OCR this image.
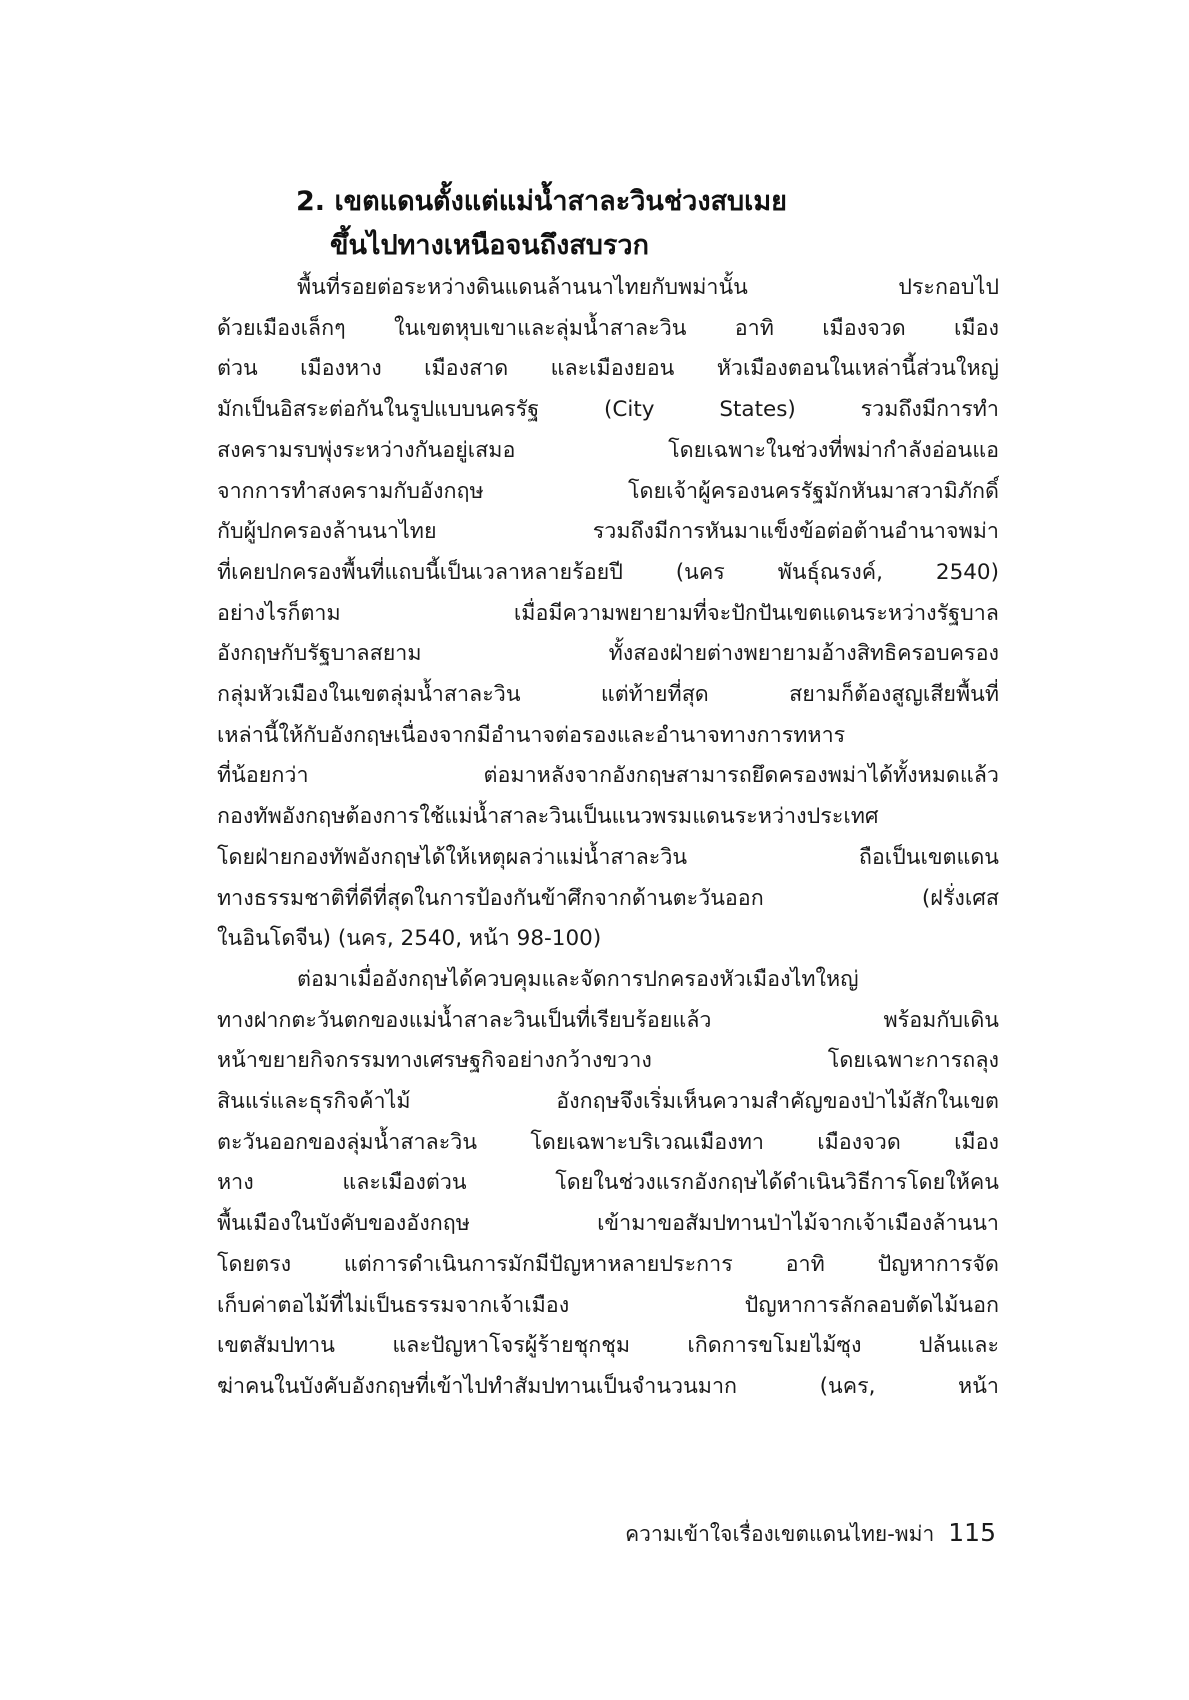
2. เขตแดนตั้งแต่แม่น้ำสาละวินช่วงสบเมย
ขึ้นไปทางเหนือจนถึงสบรวก
พื้นที่รอยต่อระหว่างดินแดนล้านนาไทยกับพม่านั้น ประกอบไป
ด้วยเมืองเล็กๆ ในเขตหุบเขาและลุ่มน้ำสาละวิน อาทิ เมืองจวด เมือง
ต่วน เมืองหาง เมืองสาด และเมืองยอน หัวเมืองตอนในเหล่านี้ส่วนใหญ่
มักเป็นอิสระต่อกันในรูปแบบนครรัฐ (City States) รวมถึงมีการทำ
สงครามรบพุ่งระหว่างกันอยู่เสมอ โดยเฉพาะในช่วงที่พม่ากำลังอ่อนแอ
จากการทำสงครามกับอังกฤษ โดยเจ้าผู้ครองนครรัฐมักหันมาสวามิภักดิ์
กับผู้ปกครองล้านนาไทย รวมถึงมีการหันมาแข็งข้อต่อต้านอำนาจพม่า
ที่เคยปกครองพื้นที่แถบนี้เป็นเวลาหลายร้อยปี (นคร พันธุ์ณรงค์, 2540)
อย่างไรก็ตาม เมื่อมีความพยายามที่จะปักปันเขตแดนระหว่างรัฐบาล
อังกฤษกับรัฐบาลสยาม ทั้งสองฝ่ายต่างพยายามอ้างสิทธิครอบครอง
กลุ่มหัวเมืองในเขตลุ่มน้ำสาละวิน แต่ท้ายที่สุด สยามก็ต้องสูญเสียพื้นที่
เหล่านี้ให้กับอังกฤษเนื่องจากมีอำนาจต่อรองและอำนาจทางการทหาร
ที่น้อยกว่า ต่อมาหลังจากอังกฤษสามารถยึดครองพม่าได้ทั้งหมดแล้ว
กองทัพอังกฤษต้องการใช้แม่น้ำสาละวินเป็นแนวพรมแดนระหว่างประเทศ
โดยฝ่ายกองทัพอังกฤษได้ให้เหตุผลว่าแม่น้ำสาละวิน ถือเป็นเขตแดน
ทางธรรมชาติที่ดีที่สุดในการป้องกันข้าศึกจากด้านตะวันออก (ฝรั่งเศส
ในอินโดจีน) (นคร, 2540, หน้า 98-100)
ต่อมาเมื่ออังกฤษได้ควบคุมและจัดการปกครองหัวเมืองไทใหญ่
ทางฝากตะวันตกของแม่น้ำสาละวินเป็นที่เรียบร้อยแล้ว พร้อมกับเดิน
หน้าขยายกิจกรรมทางเศรษฐกิจอย่างกว้างขวาง โดยเฉพาะการถลุง
สินแร่และธุรกิจค้าไม้ อังกฤษจึงเริ่มเห็นความสำคัญของป่าไม้สักในเขต
ตะวันออกของลุ่มน้ำสาละวิน โดยเฉพาะบริเวณเมืองทา เมืองจวด เมือง
หาง และเมืองต่วน โดยในช่วงแรกอังกฤษได้ดำเนินวิธีการโดยให้คน
พื้นเมืองในบังคับของอังกฤษ เข้ามาขอสัมปทานป่าไม้จากเจ้าเมืองล้านนา
โดยตรง แต่การดำเนินการมักมีปัญหาหลายประการ อาทิ ปัญหาการจัด
เก็บค่าตอไม้ที่ไม่เป็นธรรมจากเจ้าเมือง ปัญหาการลักลอบตัดไม้นอก
เขตสัมปทาน และปัญหาโจรผู้ร้ายชุกชุม เกิดการขโมยไม้ซุง ปล้นและ
ฆ่าคนในบังคับอังกฤษที่เข้าไปทำสัมปทานเป็นจำนวนมาก (นคร, หน้า
ความเข้าใจเรื่องเขตแดนไทย-พม่า 115
